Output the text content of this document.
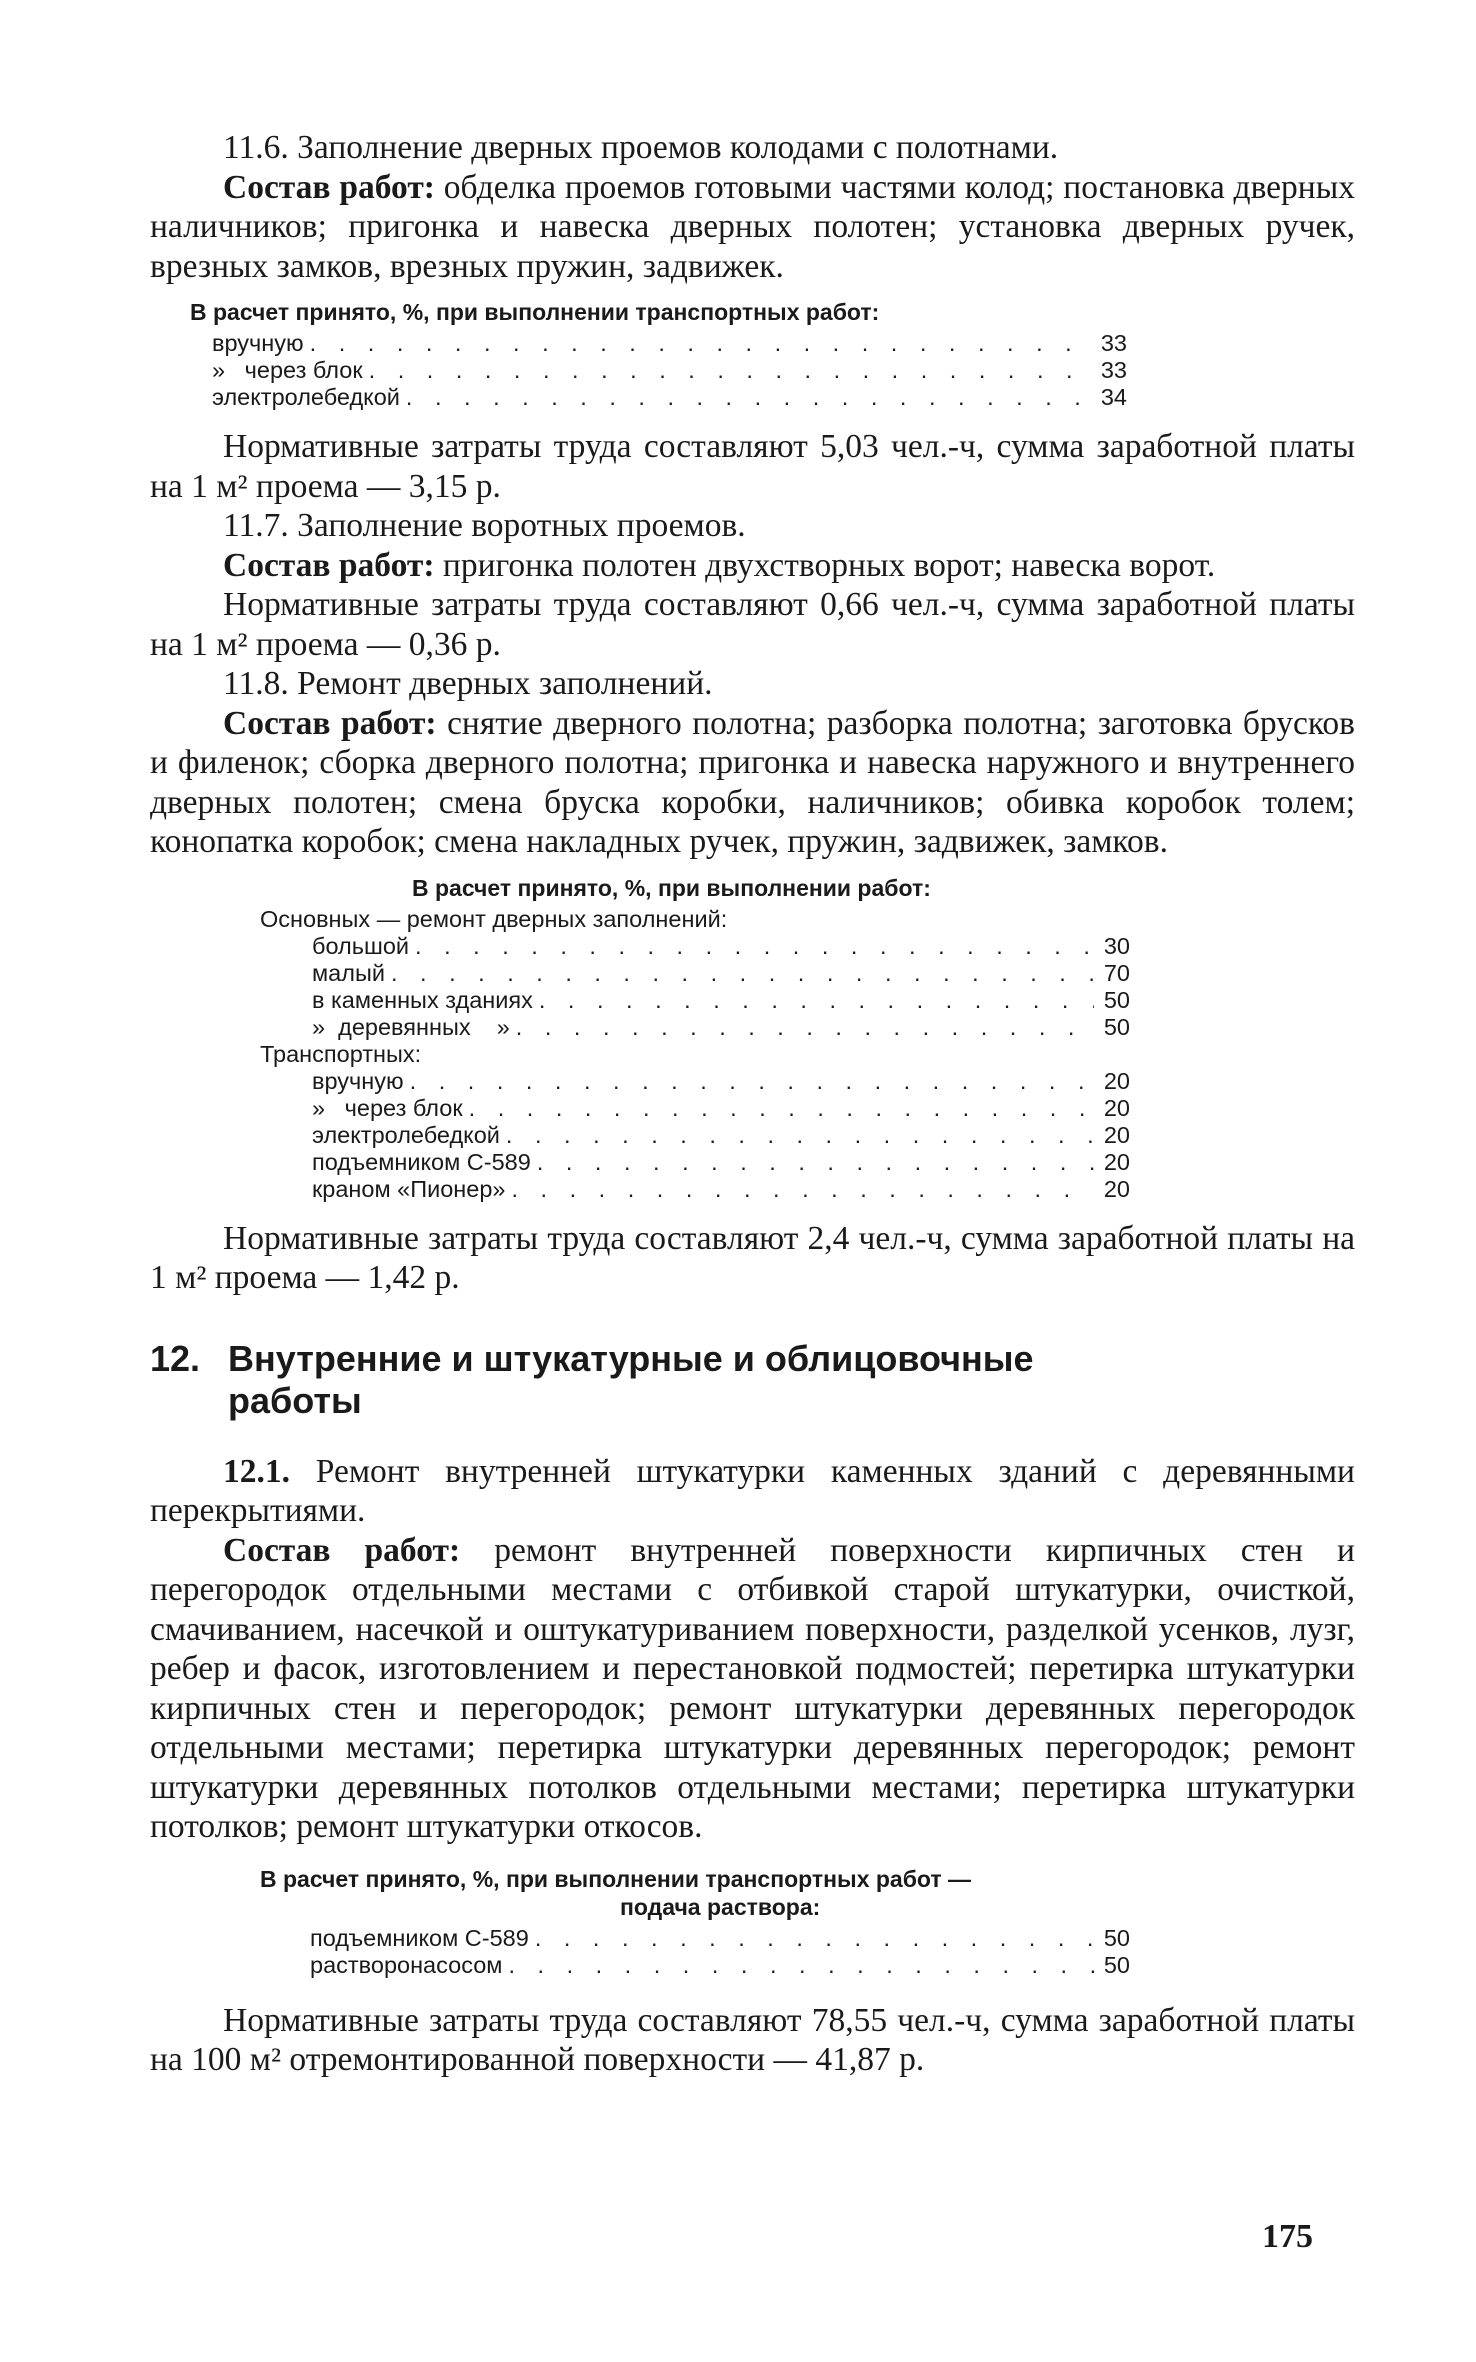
11.6. Заполнение дверных проемов колодами с полотнами.

Состав работ: обделка проемов готовыми частями колод; постановка дверных наличников; пригонка и навеска дверных полотен; установка дверных ручек, врезных замков, врезных пружин, задвижек.

В расчет принято, %, при выполнении транспортных работ:
вручную . . .	33
»   через блок . . .	33
электролебедкой . . .	34

Нормативные затраты труда составляют 5,03 чел.-ч, сумма заработной платы на 1 м² проема — 3,15 р.

11.7. Заполнение воротных проемов.

Состав работ: пригонка полотен двухстворных ворот; навеска ворот.

Нормативные затраты труда составляют 0,66 чел.-ч, сумма заработной платы на 1 м² проема — 0,36 р.

11.8. Ремонт дверных заполнений.

Состав работ: снятие дверного полотна; разборка полотна; заготовка брусков и филенок; сборка дверного полотна; пригонка и навеска наружного и внутреннего дверных полотен; смена бруска коробки, наличников; обивка коробок толем; конопатка коробок; смена накладных ручек, пружин, задвижек, замков.

В расчет принято, %, при выполнении работ:
Основных — ремонт дверных заполнений:
большой . . .	30
малый . . .	70
в каменных зданиях . . .	50
»  деревянных    » . . .	50
Транспортных:
вручную . . .	20
»   через блок . . .	20
электролебедкой . . .	20
подъемником С-589 . . .	20
краном «Пионер» . . .	20

Нормативные затраты труда составляют 2,4 чел.-ч, сумма заработной платы на 1 м² проема — 1,42 р.

12. Внутренние и штукатурные и облицовочные
работы

12.1. Ремонт внутренней штукатурки каменных зданий с деревянными перекрытиями.

Состав работ: ремонт внутренней поверхности кирпичных стен и перегородок отдельными местами с отбивкой старой штукатурки, очисткой, смачиванием, насечкой и оштукатуриванием поверхности, разделкой усенков, лузг, ребер и фасок, изготовлением и перестановкой подмостей; перетирка штукатурки кирпичных стен и перегородок; ремонт штукатурки деревянных перегородок отдельными местами; перетирка штукатурки деревянных перегородок; ремонт штукатурки деревянных потолков отдельными местами; перетирка штукатурки потолков; ремонт штукатурки откосов.

В расчет принято, %, при выполнении транспортных работ —
подача раствора:
подъемником С-589 . . .	50
растворонасосом . . .	50

Нормативные затраты труда составляют 78,55 чел.-ч, сумма заработной платы на 100 м² отремонтированной поверхности — 41,87 р.

175
